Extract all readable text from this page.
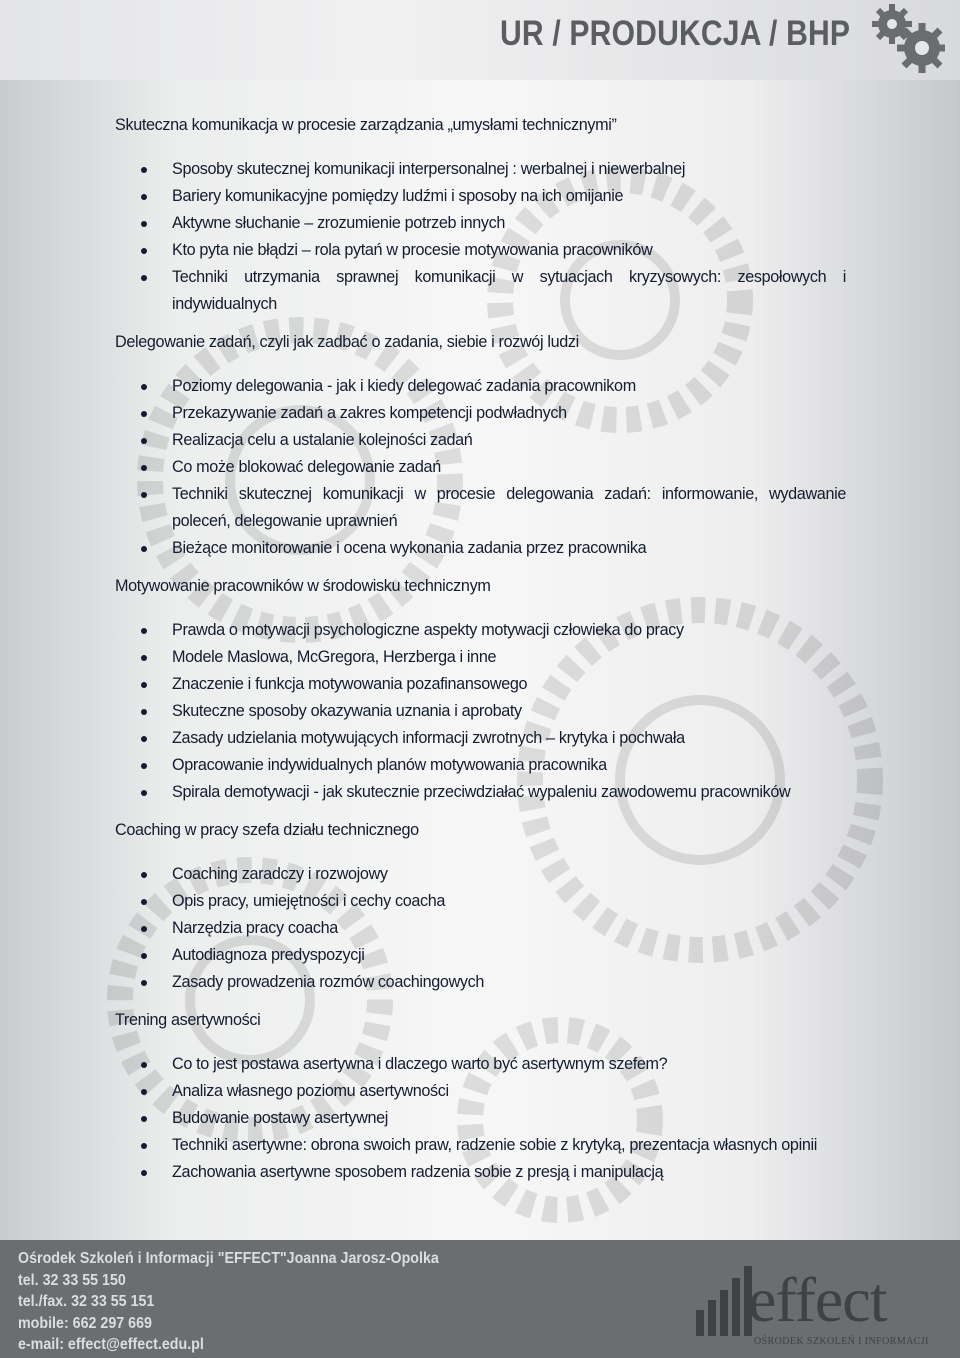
UR / PRODUKCJA / BHP
Skuteczna komunikacja w procesie zarządzania „umysłami technicznymi”
Sposoby skutecznej komunikacji interpersonalnej : werbalnej i niewerbalnej
Bariery komunikacyjne pomiędzy ludźmi i sposoby na ich omijanie
Aktywne słuchanie – zrozumienie potrzeb innych
Kto pyta nie błądzi – rola pytań w procesie motywowania pracowników
Techniki utrzymania sprawnej komunikacji w sytuacjach kryzysowych: zespołowych i indywidualnych
Delegowanie zadań, czyli jak zadbać o zadania, siebie i rozwój ludzi
Poziomy delegowania - jak i kiedy delegować zadania pracownikom
Przekazywanie zadań a zakres kompetencji podwładnych
Realizacja celu a ustalanie kolejności zadań
Co może blokować delegowanie zadań
Techniki skutecznej komunikacji w procesie delegowania zadań: informowanie, wydawanie poleceń, delegowanie uprawnień
Bieżące monitorowanie i ocena wykonania zadania przez pracownika
Motywowanie pracowników w środowisku technicznym
Prawda o motywacji psychologiczne aspekty motywacji człowieka do pracy
Modele Maslowa, McGregora, Herzberga i inne
Znaczenie i funkcja motywowania pozafinansowego
Skuteczne sposoby okazywania uznania i aprobaty
Zasady udzielania motywujących informacji zwrotnych – krytyka i pochwała
Opracowanie indywidualnych planów motywowania pracownika
Spirala demotywacji - jak skutecznie przeciwdziałać wypaleniu zawodowemu pracowników
Coaching w pracy szefa działu technicznego
Coaching zaradczy i rozwojowy
Opis pracy, umiejętności i cechy coacha
Narzędzia pracy coacha
Autodiagnoza predyspozycji
Zasady prowadzenia rozmów coachingowych
Trening asertywności
Co to jest postawa asertywna i dlaczego warto być asertywnym szefem?
Analiza własnego poziomu asertywności
Budowanie postawy asertywnej
Techniki asertywne: obrona swoich praw, radzenie sobie z krytyką, prezentacja własnych opinii
Zachowania asertywne sposobem radzenia sobie z presją i manipulacją
Ośrodek Szkoleń i Informacji "EFFECT"Joanna Jarosz-Opolka
tel. 32 33 55 150
tel./fax. 32 33 55 151
mobile: 662 297 669
e-mail: effect@effect.edu.pl
effect
OŚRODEK SZKOLEŃ I INFORMACJI
